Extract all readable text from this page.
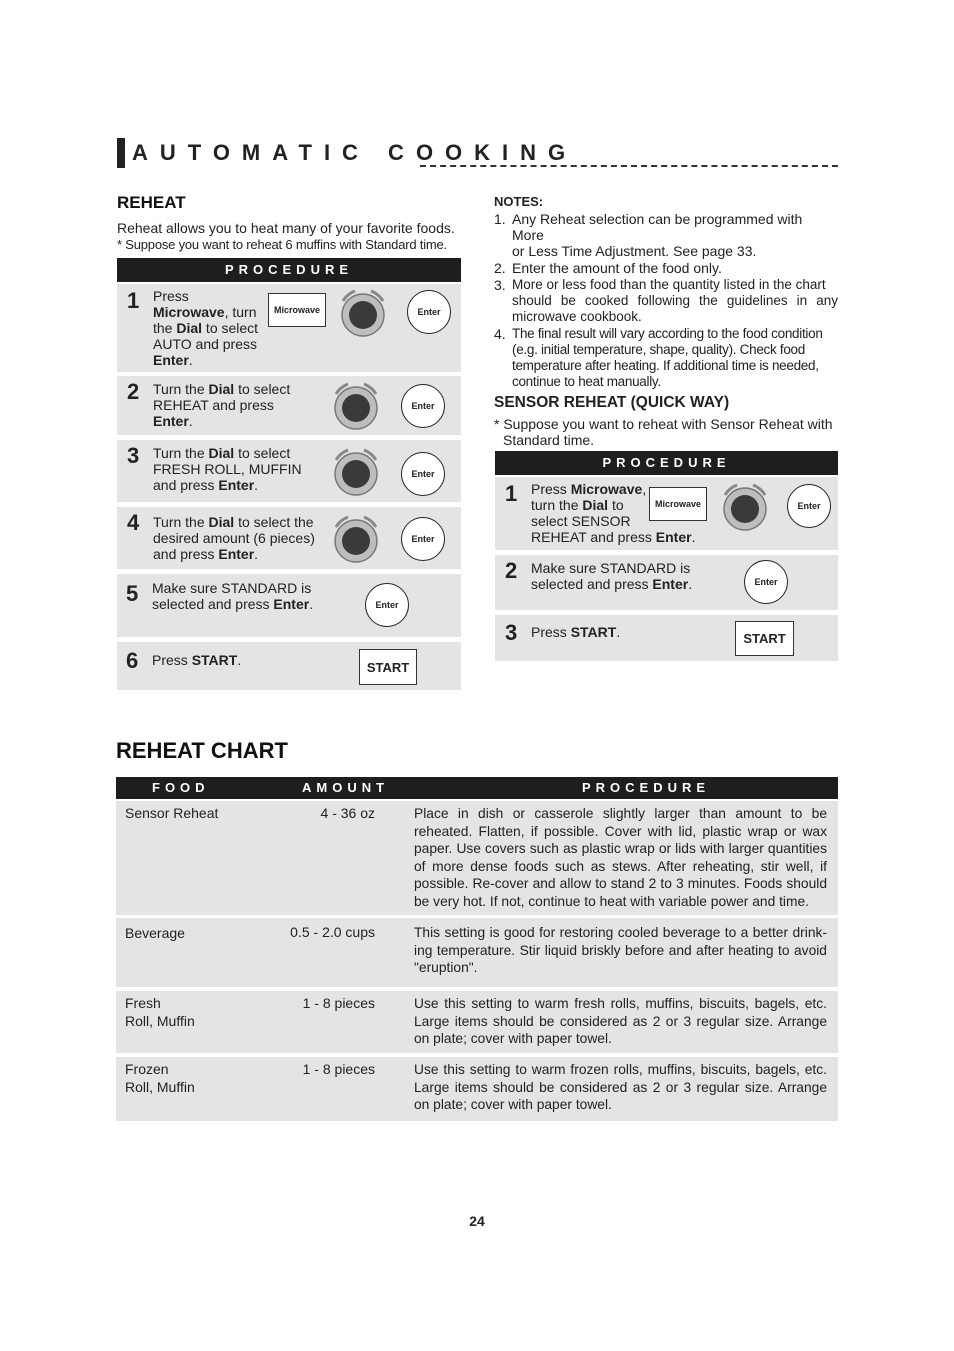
AUTOMATIC COOKING
REHEAT
Reheat allows you to heat many of your favorite foods.
* Suppose you want to reheat 6 muffins with Standard time.
PROCEDURE
1 Press
Microwave, turn
the Dial to select
AUTO and press
Enter.
Microwave	Enter
2 Turn the Dial to select
REHEAT and press
Enter.
Enter
3 Turn the Dial to select
FRESH ROLL, MUFFIN
and press Enter.
Enter
4 Turn the Dial to select the
desired amount (6 pieces)
and press Enter.
Enter
5 Make sure STANDARD is
selected and press Enter.	Enter
6 Press START.	START
NOTES:
1. Any Reheat selection can be programmed with More
or Less Time Adjustment. See page 33.
2. Enter the amount of the food only.
3. More or less food than the quantity listed in the chart
should be cooked following the guidelines in any
microwave cookbook.
4. The final result will vary according to the food condition
(e.g. initial temperature, shape, quality). Check food
temperature after heating. If additional time is needed,
continue to heat manually.
SENSOR REHEAT (QUICK WAY)
* Suppose you want to reheat with Sensor Reheat with
Standard time.
PROCEDURE
1 Press Microwave,
turn the Dial to
select SENSOR
REHEAT and press Enter.
Microwave	Enter
2 Make sure STANDARD is
selected and press Enter.	Enter
3 Press START.	START
REHEAT CHART
FOOD	AMOUNT	PROCEDURE
Sensor Reheat	4 - 36 oz	Place in dish or casserole slightly larger than amount to be reheated. Flatten, if possible. Cover with lid, plastic wrap or wax paper. Use covers such as plastic wrap or lids with larger quantities of more dense foods such as stews. After reheating, stir well, if possible. Re-cover and allow to stand 2 to 3 minutes. Foods should be very hot. If not, continue to heat with variable power and time.
Beverage	0.5 - 2.0 cups	This setting is good for restoring cooled beverage to a better drink-ing temperature. Stir liquid briskly before and after heating to avoid "eruption".
Fresh
Roll, Muffin
1 - 8 pieces	Use this setting to warm fresh rolls, muffins, biscuits, bagels, etc. Large items should be considered as 2 or 3 regular size. Arrange on plate; cover with paper towel.
Frozen
Roll, Muffin
1 - 8 pieces	Use this setting to warm frozen rolls, muffins, biscuits, bagels, etc. Large items should be considered as 2 or 3 regular size. Arrange on plate; cover with paper towel.
24
